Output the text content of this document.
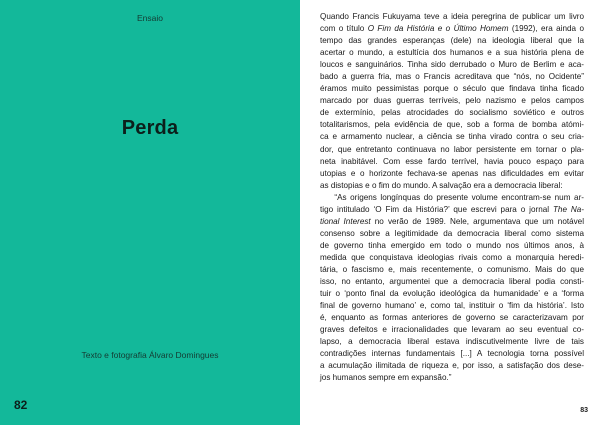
Ensaio
Perda
Texto e fotografia Álvaro Domingues
82
Quando Francis Fukuyama teve a ideia peregrina de publicar um livro
com o título O Fim da História e o Último Homem (1992), era ainda o
tempo das grandes esperanças (dele) na ideologia liberal que la
acertar o mundo, a estultícia dos humanos e a sua história plena de
loucos e sanguinários. Tinha sido derrubado o Muro de Berlim e aca-
bado a guerra fria, mas o Francis acreditava que “nós, no Ocidente”
éramos muito pessimistas porque o século que findava tinha ficado
marcado por duas guerras terríveis, pelo nazismo e pelos campos
de extermínio, pelas atrocidades do socialismo soviético e outros
totalitarismos, pela evidência de que, sob a forma de bomba atómi-
ca e armamento nuclear, a ciência se tinha virado contra o seu cria-
dor, que entretanto continuava no labor persistente em tornar o pla-
neta inabitável. Com esse fardo terrível, havia pouco espaço para
utopias e o horizonte fechava-se apenas nas dificuldades em evitar
as distopias e o fim do mundo. A salvação era a democracia liberal:
“As origens longínquas do presente volume encontram-se num ar-
tigo intitulado ‘O Fim da História?’ que escrevi para o jornal The Na-
tional Interest no verão de 1989. Nele, argumentava que um notável
consenso sobre a legitimidade da democracia liberal como sistema
de governo tinha emergido em todo o mundo nos últimos anos, à
medida que conquistava ideologias rivais como a monarquia heredi-
tária, o fascismo e, mais recentemente, o comunismo. Mais do que
isso, no entanto, argumentei que a democracia liberal podia consti-
tuir o ‘ponto final da evolução ideológica da humanidade’ e a ‘forma
final de governo humano’ e, como tal, instituir o ‘fim da história’. Isto
é, enquanto as formas anteriores de governo se caracterizavam por
graves defeitos e irracionalidades que levaram ao seu eventual co-
lapso, a democracia liberal estava indiscutivelmente livre de tais
contradições internas fundamentais [...] A tecnologia torna possível
a acumulação ilimitada de riqueza e, por isso, a satisfação dos dese-
jos humanos sempre em expansão.”
83
